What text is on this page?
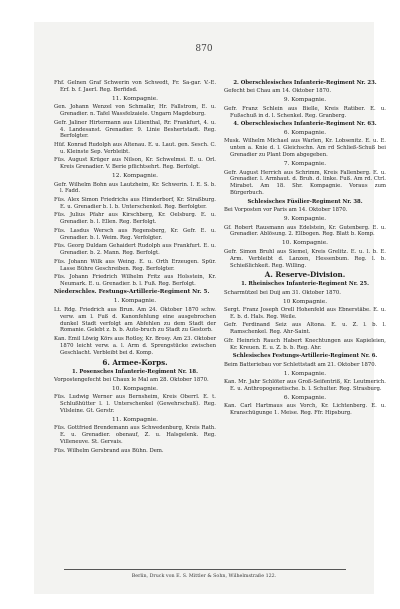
870

Fhf. Gelnen Graf Schwerin von Schwedt, Fr. Sa-gar. V.-E. Erf. b. f. Jaerl. Reg. Berfidsd.

11. Kompagnie.

Gen. Johann Wenzel von Schmalkr, Hr. Fallstrom, E. u. Grenadier. n. Tafel Wassfelzaiele. Ungarn Magdeburg.

Gefr. Jaliner Hirtermann aus Lilienthal, Rr. Frankfurt, 4. u. 4. Landesanst. Grenadier. 9. Linie Beshertstadt. Reg. Berfolgter.

Hüf. Konrad Rudolph aus Altenau. E. u. Laut. gen. Sesch. C. u. Kleinste Sep. Verbleibt.

Füs. August Krüger aus Nilson, Kr. Schwelmsi. E. u. Orl. Kreis Grenadier. V. Berie pflichtsehrt. Reg. Berfolgt.

12. Kompagnie.

Gefr. Wilhelm Bohn aus Lautzheim, Kr. Schwerin. I. E. S. b. l. Fadd.

Füs. Alex Simon Friedrichs aus Himderborf, Kr. Straßburg. E. u. Grenadier b. l. b. Unterschenkel. Reg. Berfolgter.

Füs. Julius Pfahr aus Kirschberg, Kr. Oelsburg. E. u. Grenadier. b. l. Ellen. Reg. Berfolgt.

Füs. Lasdus Wersch aus Regensberg, Kr. Gefr. E. u. Grenadier. b. l. Weim. Reg. Verfolgter.

Füs. Georg Duldam Gehaidert Rudolph aus Frankfurt. E. u. Grenadier. b. 2. Mann. Reg. Berfolgt.

Füs. Johann Wilk aus Weing. E. u. Orth Erzeugen. Spür. Lasse Bühre Geschreiben. Reg. Berfolgter.

Füs. Johann Friedrich Wilhelm Fritz aus Holsstein, Kr. Neumark. E. u. Grenadier. b. l. Fuß. Reg. Berfolgt.

Niederschles. Festungs-Artillerie-Regiment Nr. 5.

1. Kompagnie.

Lt. Rdg. Friedrich aus Brun. Am 24. Oktober 1870 schw. verw. am l. Fuß d. Kanonfehlung eine ausgebrochen dunkel Stadt verfolgt am Abfehlen zu dem Stadt der Romanie. Gelebt z. b. b. Auto-bruch zu Stadt zu Gestorb.

Kan. Emil Löwig Körs aus Rotloy, Kr. Brosy. Am 23. Oktober 1870 leicht verw. a. l. Arm d. Sprengstücke zwischen Geschlacht. Verbleibt bei d. Komp.

6. Armee-Korps.

1. Posensches Infanterie-Regiment Nr. 18.

Vorpostengefecht bei Chaux le Mal am 28. Oktober 1870.

10. Kompagnie.

Füs. Ludwig Werner aus Bernsheim, Kreis Oberrl. E. t. Schlußhütter l. l. Unterschenkel (Gewehrschuß). Reg. Vilsleine. Gt. Gerstr.

11. Kompagnie.

Füs. Gottfried Brendemann aus Schwedenburg, Kreis Rath. E. u. Grenadier. obenauf, Z. u. Halsgelenk. Reg. Villeneuve. St. Gervais.

Füs. Wilhelm Gersbrand aus Bühn. Dem.

2. Oberschlesisches Infanterie-Regiment Nr. 23.

Gefecht bei Chau am 14. Oktober 1870.

9. Kompagnie.

Gefr. Franz Schlein aus Bielle, Kreis Ratiber. E. u. Fußschuß in d. l. Schenkel. Reg. Granberg.

4. Oberschlesisches Infanterie-Regiment Nr. 63.

6. Kompagnie.

Musk. Wilhelm Michael aus Warlen, Kr. Lobsenitz. E. u. E. unten a. Knie d. l. Gleichschn. Am rd Schließ-Schuß bei Grenadier zu Plant Dom abgegeben.

7. Kompagnie.

Gefr. August Herrich aus Schrimm, Kreis Fallenberg. E. u. Grenadier. l. Armhaut. d. Bruh. d. linke. Fuß. Am rd. Ctrl. Mirabet. Am 18. Shr. Kompagnie. Voraus zum Bürgerbuch.

Schlesisches Füsilier-Regiment Nr. 38.

Bei Vorposten vor Paris am 14. Oktober 1870.

9. Kompagnie.

Gf. Robert Rausmann aus Edelstein, Kr. Gutenberg. E. u. Grenadier. Ablösung. 2. Ellbogen. Reg. Blatt b. Komp.

10. Kompagnie.

Gefr. Simon Bruhl aus Siemel, Kreis Grelitz. E. u. l. b. E. Arm. Verbleibt d. Lanzen, Hessenbum. Reg. l. b. Schießlichkeit. Reg. Willing.

A. Reserve-Division.

1. Rheinisches Infanterie-Regiment Nr. 25.

Scharmützel bei Duij am 31. Oktober 1870.

10 Kompagnie.

Sergt. Franz Joseph Orell Hohenfeld aus Ebnerstäbe. E. u. E. b. d. Hals. Reg. Weile.

Gefr. Ferdinand Seiz aus Altona. E. u. Z. l. b. l. Ramschenkel. Reg. Ahr-Saint.

Gfr. Heinrich Rauch Habert Knechtungen aus Kapieleien, Kr. Kreuen. E. u. Z. b. b. Reg. Ahr.

Schlesisches Festungs-Artillerie-Regiment Nr. 6.

Beim Batteriebau vor Schlettstadt am 21. Oktober 1870.

1. Kompagnie.

Kan. Mr. Jahr Schlöter aus Groß-Seifentriß, Kr. Leutmerich. E. u. Anthropogenetische. b. l. Schulter. Reg. Strasburg.

6. Kompagnie.

Kan. Carl Hartmaus aus Vorch, Kr. Lichtenberg. E. u. Kranschügunge 1. Meise. Reg. Ffr. Hipsburg.

Berlin, Druck von E. S. Mittler & Sohn, Wilhelmstraße 122.
